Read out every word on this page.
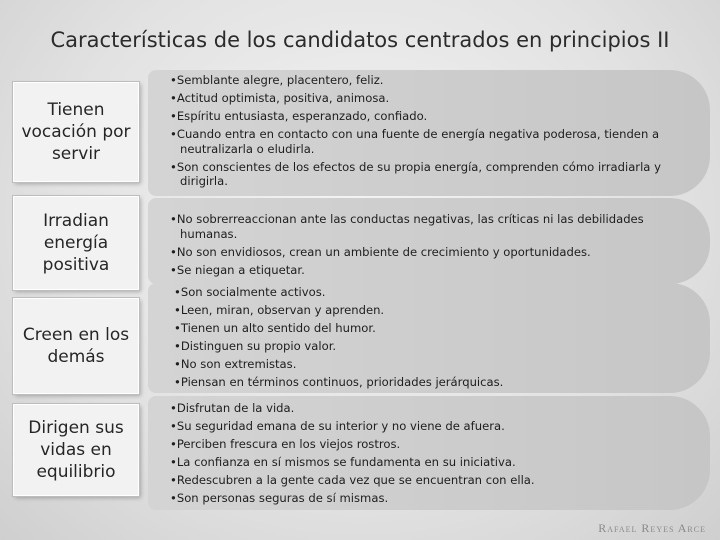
Características de los candidatos centrados en principios II
• Semblante alegre, placentero, feliz.
• Actitud optimista, positiva, animosa.
• Espíritu entusiasta, esperanzado, confiado.
• Cuando entra en contacto con una fuente de energía negativa poderosa, tienden a neutralizarla o eludirla.
• Son conscientes de los efectos de su propia energía, comprenden cómo irradiarla y dirigirla.
Tienen vocación por servir
• No sobrerreaccionan ante las conductas negativas, las críticas ni las debilidades humanas.
• No son envidiosos, crean un ambiente de crecimiento y oportunidades.
• Se niegan a etiquetar.
Irradian energía positiva
• Son socialmente activos.
• Leen, miran, observan y aprenden.
• Tienen un alto sentido del humor.
• Distinguen su propio valor.
• No son extremistas.
• Piensan en términos continuos, prioridades jerárquicas.
Creen en los demás
• Disfrutan de la vida.
• Su seguridad emana de su interior y no viene de afuera.
• Perciben frescura en los viejos rostros.
• La confianza en sí mismos se fundamenta en su iniciativa.
• Redescubren a la gente cada vez que se encuentran con ella.
• Son personas seguras de sí mismas.
Dirigen sus vidas en equilibrio
Rafael Reyes Arce
